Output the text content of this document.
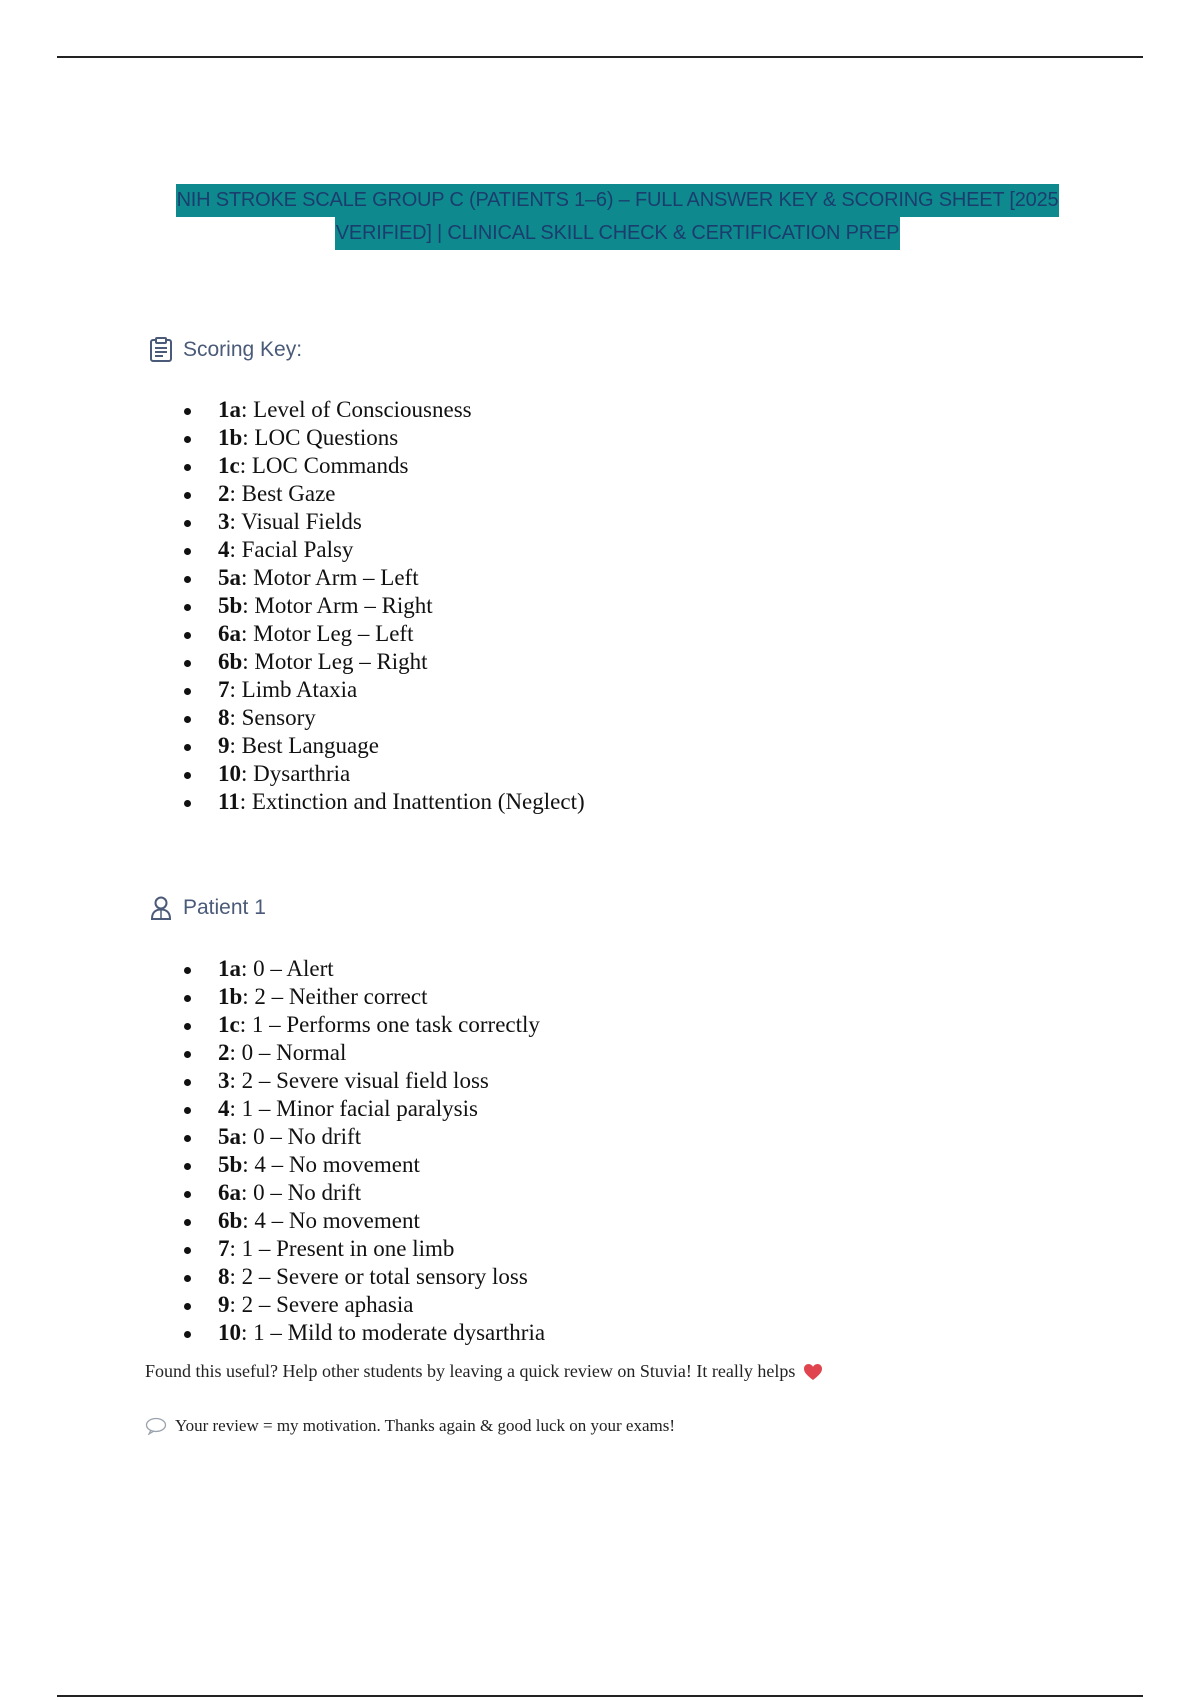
NIH STROKE SCALE GROUP C (PATIENTS 1–6) – FULL ANSWER KEY & SCORING SHEET [2025
VERIFIED] | CLINICAL SKILL CHECK & CERTIFICATION PREP
Scoring Key:
1a: Level of Consciousness
1b: LOC Questions
1c: LOC Commands
2: Best Gaze
3: Visual Fields
4: Facial Palsy
5a: Motor Arm – Left
5b: Motor Arm – Right
6a: Motor Leg – Left
6b: Motor Leg – Right
7: Limb Ataxia
8: Sensory
9: Best Language
10: Dysarthria
11: Extinction and Inattention (Neglect)
Patient 1
1a: 0 – Alert
1b: 2 – Neither correct
1c: 1 – Performs one task correctly
2: 0 – Normal
3: 2 – Severe visual field loss
4: 1 – Minor facial paralysis
5a: 0 – No drift
5b: 4 – No movement
6a: 0 – No drift
6b: 4 – No movement
7: 1 – Present in one limb
8: 2 – Severe or total sensory loss
9: 2 – Severe aphasia
10: 1 – Mild to moderate dysarthria
Found this useful? Help other students by leaving a quick review on Stuvia! It really helps
Your review = my motivation. Thanks again & good luck on your exams!
